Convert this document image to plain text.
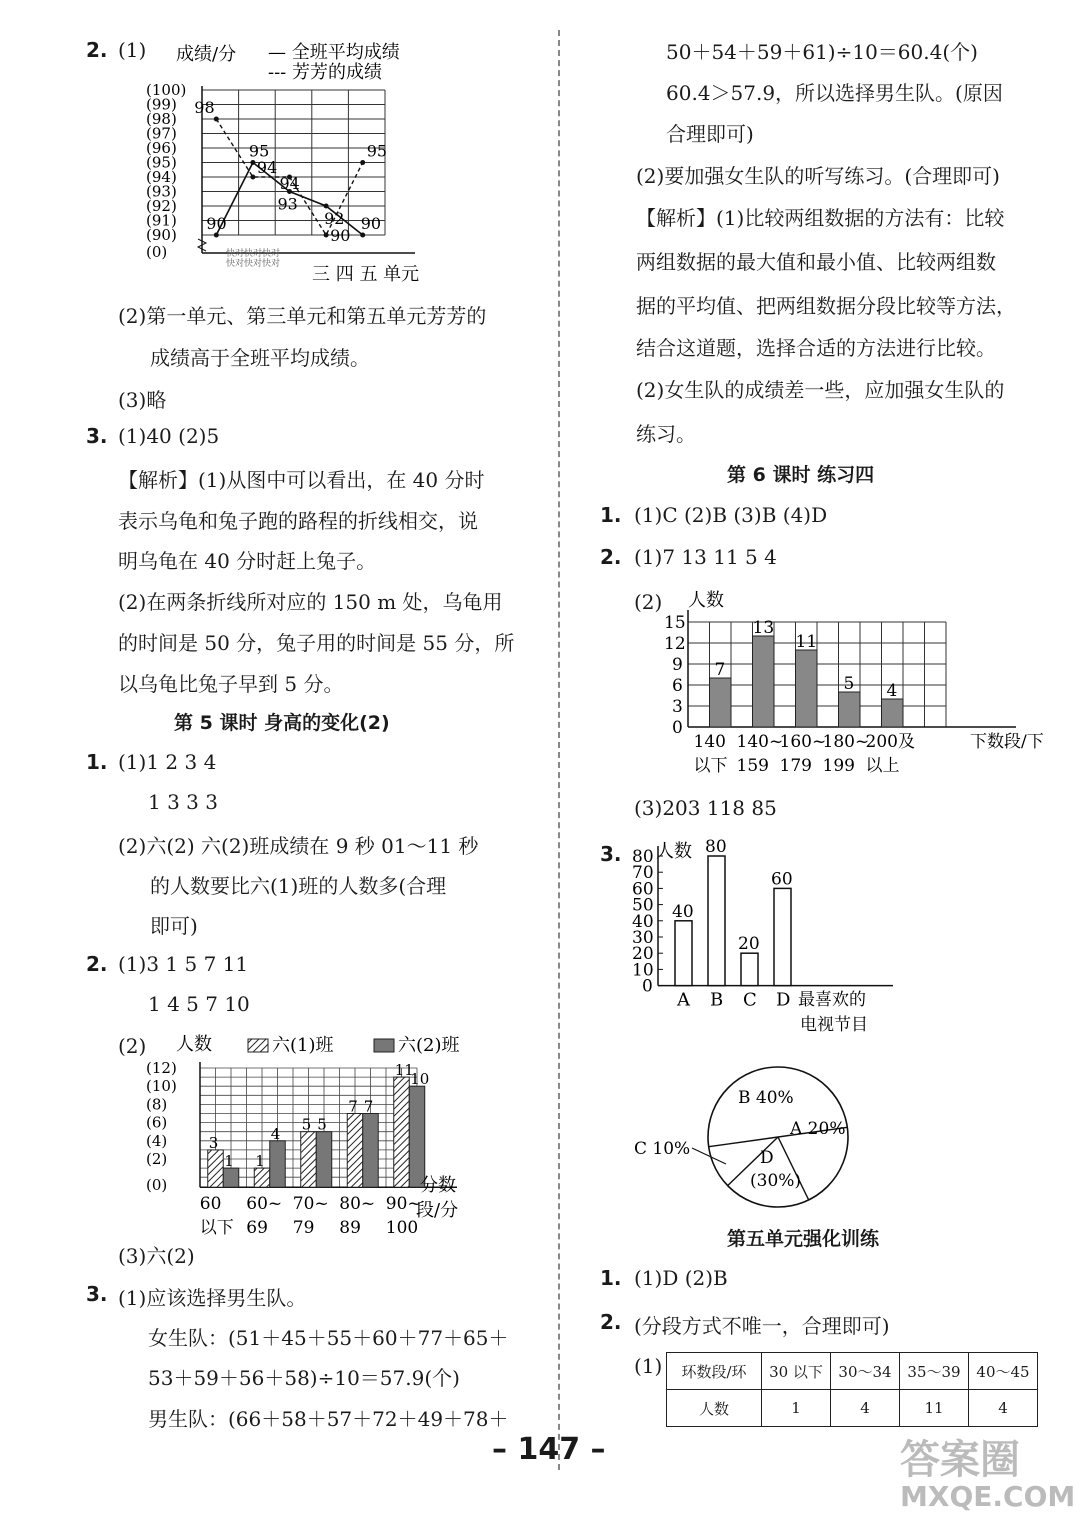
2. (1) 成绩/分 — 全班平均成绩
--- 芳芳的成绩
(100)
(99)
(98)
(97)
(96)
(95)
(94)
(93)
(92)
(91)
(90)
(0)
90
95
93
92 90
98
94
94
90
95
快对快对快对
快对快对快对 三 四 五 单元
(2)第一单元、第三单元和第五单元芳芳的
成绩高于全班平均成绩。
(3)略
3. (1)40 (2)5
【解析】(1)从图中可以看出，在 40 分时
表示乌龟和兔子跑的路程的折线相交，说
明乌龟在 40 分时赶上兔子。
(2)在两条折线所对应的 150 m 处，乌龟用
的时间是 50 分，兔子用的时间是 55 分，所
以乌龟比兔子早到 5 分。
第 5 课时 身高的变化(2)
1. (1)1 2 3 4
1 3 3 3
(2)六(2) 六(2)班成绩在 9 秒 01～11 秒
的人数要比六(1)班的人数多(合理
即可)
2. (1)3 1 5 7 11
1 4 5 7 10
(2) 人数	六(1)班	六(2)班
(12)
(10)
(8)
(6)
(4)
(2)
(0)
3
1
60
以下
1
4
60~
69
5 5
70~
79
7 7
80~
89
11
10
90~
100
分数
段/分
(3)六(2)
3. (1)应该选择男生队。
女生队：(51＋45＋55＋60＋77＋65＋
53＋59＋56＋58)÷10＝57.9(个)
男生队：(66＋58＋57＋72＋49＋78＋
50＋54＋59＋61)÷10＝60.4(个)
60.4＞57.9，所以选择男生队。(原因
合理即可)
(2)要加强女生队的听写练习。(合理即可)
【解析】(1)比较两组数据的方法有：比较
两组数据的最大值和最小值、比较两组数
据的平均值、把两组数据分段比较等方法，
结合这道题，选择合适的方法进行比较。
(2)女生队的成绩差一些，应加强女生队的
练习。
第 6 课时 练习四
1. (1)C (2)B (3)B (4)D
2. (1)7 13 11 5 4
(2) 人数
15
12
9
6
3
0
7
140
以下
13
140~
159
11
160~
179
5
180~
199
4
200及
以上
下数段/下
(3)203 118 85
3. 人数
80
70
60
50
40
30
20
10
0
40
A
80
B
20
C
60
D 最喜欢的
电视节目
B 40%
A 20%
D
(30%)
C 10%
第五单元强化训练
1. (1)D (2)B
2. (分段方式不唯一，合理即可)
(1) 环数段/环	30 以下	30～34	35～39	40～45
人数	1	4	11	4
– 147 –	答案圈
MXQE.COM
